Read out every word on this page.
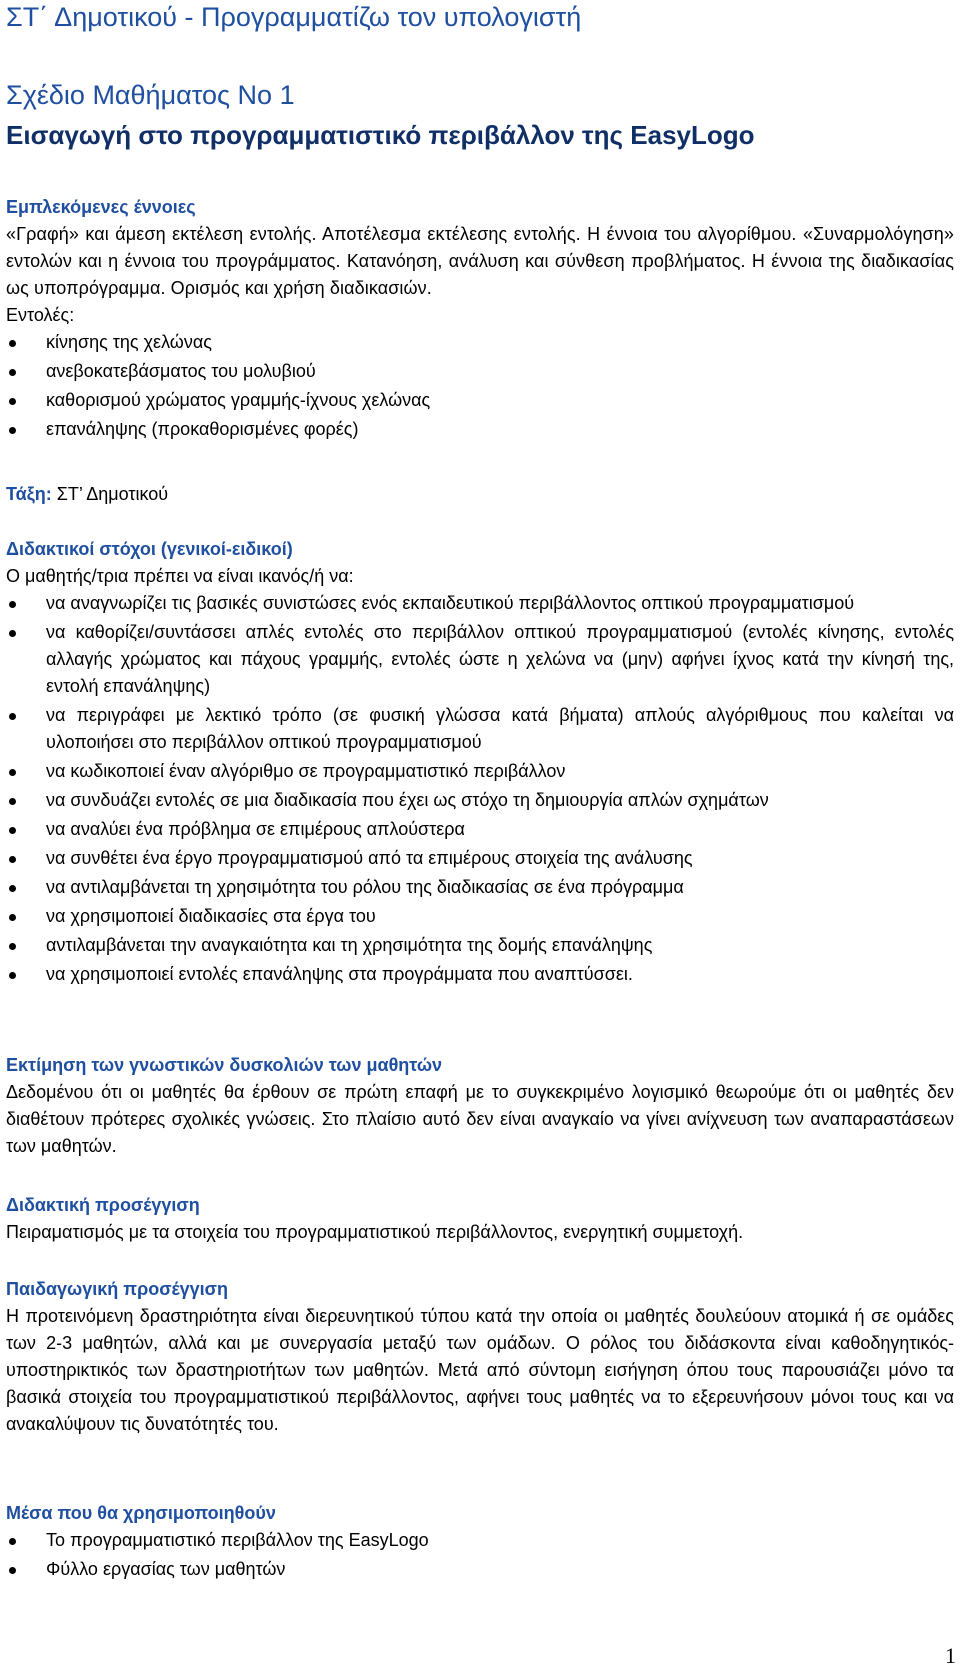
ΣΤ΄ Δημοτικού - Προγραμματίζω τον υπολογιστή
Σχέδιο Μαθήματος Νο 1
Εισαγωγή στο προγραμματιστικό περιβάλλον της EasyLogo
Εμπλεκόμενες έννοιες

«Γραφή» και άμεση εκτέλεση εντολής. Αποτέλεσμα εκτέλεσης εντολής. Η έννοια του αλγορίθμου. «Συναρμολόγηση» εντολών και η έννοια του προγράμματος. Κατανόηση, ανάλυση και σύνθεση προβλήματος. Η έννοια της διαδικασίας ως υποπρόγραμμα. Ορισμός και χρήση διαδικασιών.

Εντολές:
κίνησης της χελώνας
ανεβοκατεβάσματος του μολυβιού
καθορισμού χρώματος γραμμής-ίχνους χελώνας
επανάληψης (προκαθορισμένες φορές)
Τάξη: ΣΤ’ Δημοτικού
Διδακτικοί στόχοι (γενικοί-ειδικοί)
Ο μαθητής/τρια πρέπει να είναι ικανός/ή να:
να αναγνωρίζει τις βασικές συνιστώσες ενός εκπαιδευτικού περιβάλλοντος οπτικού προγραμματισμού
να καθορίζει/συντάσσει απλές εντολές στο περιβάλλον οπτικού προγραμματισμού (εντολές κίνησης, εντολές αλλαγής χρώματος και πάχους γραμμής, εντολές ώστε η χελώνα να (μην) αφήνει ίχνος κατά την κίνησή της, εντολή επανάληψης)
να περιγράφει με λεκτικό τρόπο (σε φυσική γλώσσα κατά βήματα) απλούς αλγόριθμους που καλείται να υλοποιήσει στο περιβάλλον οπτικού προγραμματισμού
να κωδικοποιεί έναν αλγόριθμο σε προγραμματιστικό περιβάλλον
να συνδυάζει εντολές σε μια διαδικασία που έχει ως στόχο τη δημιουργία απλών σχημάτων
να αναλύει ένα πρόβλημα σε επιμέρους απλούστερα
να συνθέτει ένα έργο προγραμματισμού από τα επιμέρους στοιχεία της ανάλυσης
να αντιλαμβάνεται τη χρησιμότητα του ρόλου της διαδικασίας σε ένα πρόγραμμα
να χρησιμοποιεί διαδικασίες στα έργα του
αντιλαμβάνεται την αναγκαιότητα και τη χρησιμότητα της δομής επανάληψης
να χρησιμοποιεί εντολές επανάληψης στα προγράμματα που αναπτύσσει.
Εκτίμηση των γνωστικών δυσκολιών των μαθητών

Δεδομένου ότι οι μαθητές θα έρθουν σε πρώτη επαφή με το συγκεκριμένο λογισμικό θεωρούμε ότι οι μαθητές δεν διαθέτουν πρότερες σχολικές γνώσεις. Στο πλαίσιο αυτό δεν είναι αναγκαίο να γίνει ανίχνευση των αναπαραστάσεων των μαθητών.

Διδακτική προσέγγιση

Πειραματισμός με τα στοιχεία του προγραμματιστικού περιβάλλοντος, ενεργητική συμμετοχή.

Παιδαγωγική προσέγγιση

Η προτεινόμενη δραστηριότητα είναι διερευνητικού τύπου κατά την οποία οι μαθητές δουλεύουν ατομικά ή σε ομάδες των 2-3 μαθητών, αλλά και με συνεργασία μεταξύ των ομάδων. Ο ρόλος του διδάσκοντα είναι καθοδηγητικός-υποστηρικτικός των δραστηριοτήτων των μαθητών. Μετά από σύντομη εισήγηση όπου τους παρουσιάζει μόνο τα βασικά στοιχεία του προγραμματιστικού περιβάλλοντος, αφήνει τους μαθητές να το εξερευνήσουν μόνοι τους και να ανακαλύψουν τις δυνατότητές του.

Μέσα που θα χρησιμοποιηθούν
Το προγραμματιστικό περιβάλλον της EasyLogo
Φύλλο εργασίας των μαθητών
1
